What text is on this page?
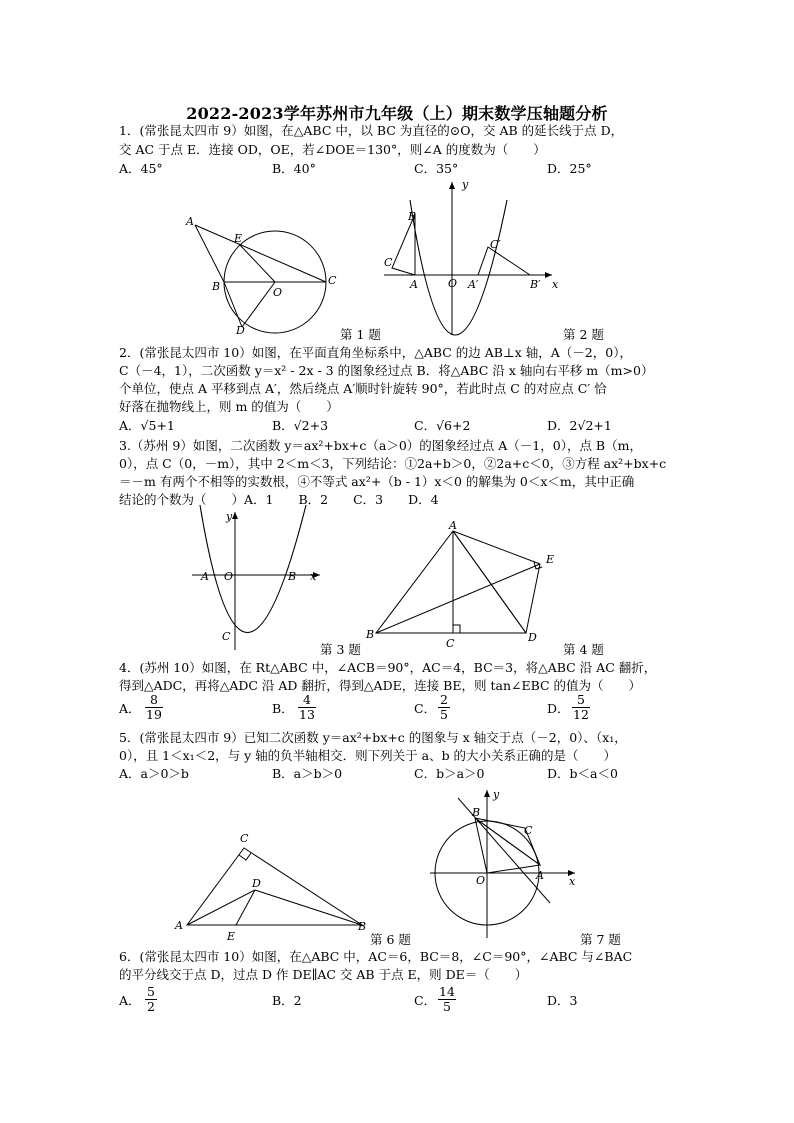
2022-2023学年苏州市九年级（上）期末数学压轴题分析
1．(常张昆太四市 9）如图，在△ABC 中，以 BC 为直径的⊙O，交 AB 的延长线于点 D，
交 AC 于点 E．连接 OD，OE，若∠DOE＝130°，则∠A 的度数为（　　）
A．45°	B．40°	C．35°	D．25°
A
E
C
B	O
D	第 1 题
y
x
B
C
A	O A′	B′
C′
第 2 题
2．(常张昆太四市 10）如图，在平面直角坐标系中，△ABC 的边 AB⊥x 轴，A（－2，0），
C（－4，1），二次函数 y＝x² - 2x - 3 的图象经过点 B．将△ABC 沿 x 轴向右平移 m（m>0）
个单位，使点 A 平移到点 A′，然后绕点 A′顺时针旋转 90°，若此时点 C 的对应点 C′ 恰
好落在抛物线上，则 m 的值为（　　）
A．√5+1	B．√2+3	C．√6+2	D．2√2+1
3.（苏州 9）如图，二次函数 y＝ax²+bx+c（a＞0）的图象经过点 A（－1，0），点 B（m，
0），点 C（0，－m），其中 2＜m＜3，下列结论：①2a+b＞0，②2a+c＜0，③方程 ax²+bx+c
＝－m 有两个不相等的实数根，④不等式 ax²+（b - 1）x＜0 的解集为 0＜x＜m，其中正确
结论的个数为（　　）A．1　　B．2　　C．3　　D．4
y
x
A O	B
C
第 3 题
A
E
B
C	D
第 4 题
4．(苏州 10）如图，在 Rt△ABC 中，∠ACB＝90°，AC＝4，BC＝3，将△ABC 沿 AC 翻折，
得到△ADC，再将△ADC 沿 AD 翻折，得到△ADE，连接 BE，则 tan∠EBC 的值为（　　）
A． $\frac{8}{19}$	B． $\frac{4}{13}$	C． $\frac{2}{5}$	D． $\frac{5}{12}$
5．(常张昆太四市 9）已知二次函数 y＝ax²+bx+c 的图象与 x 轴交于点（－2，0）、（x₁，
0），且 1＜x₁＜2，与 y 轴的负半轴相交．则下列关于 a、b 的大小关系正确的是（　　）
A．a＞0＞b	B．a＞b＞0	C．b＞a＞0	D．b＜a＜0
C
D
A
E
B
第 6 题
y
x
O
B
C
A
第 7 题
6．(常张昆太四市 10）如图，在△ABC 中，AC＝6，BC＝8，∠C＝90°，∠ABC 与∠BAC
的平分线交于点 D，过点 D 作 DE∥AC 交 AB 于点 E，则 DE＝（　　）
A． $\frac{5}{2}$	B．2	C． $\frac{14}{5}$	D．3
